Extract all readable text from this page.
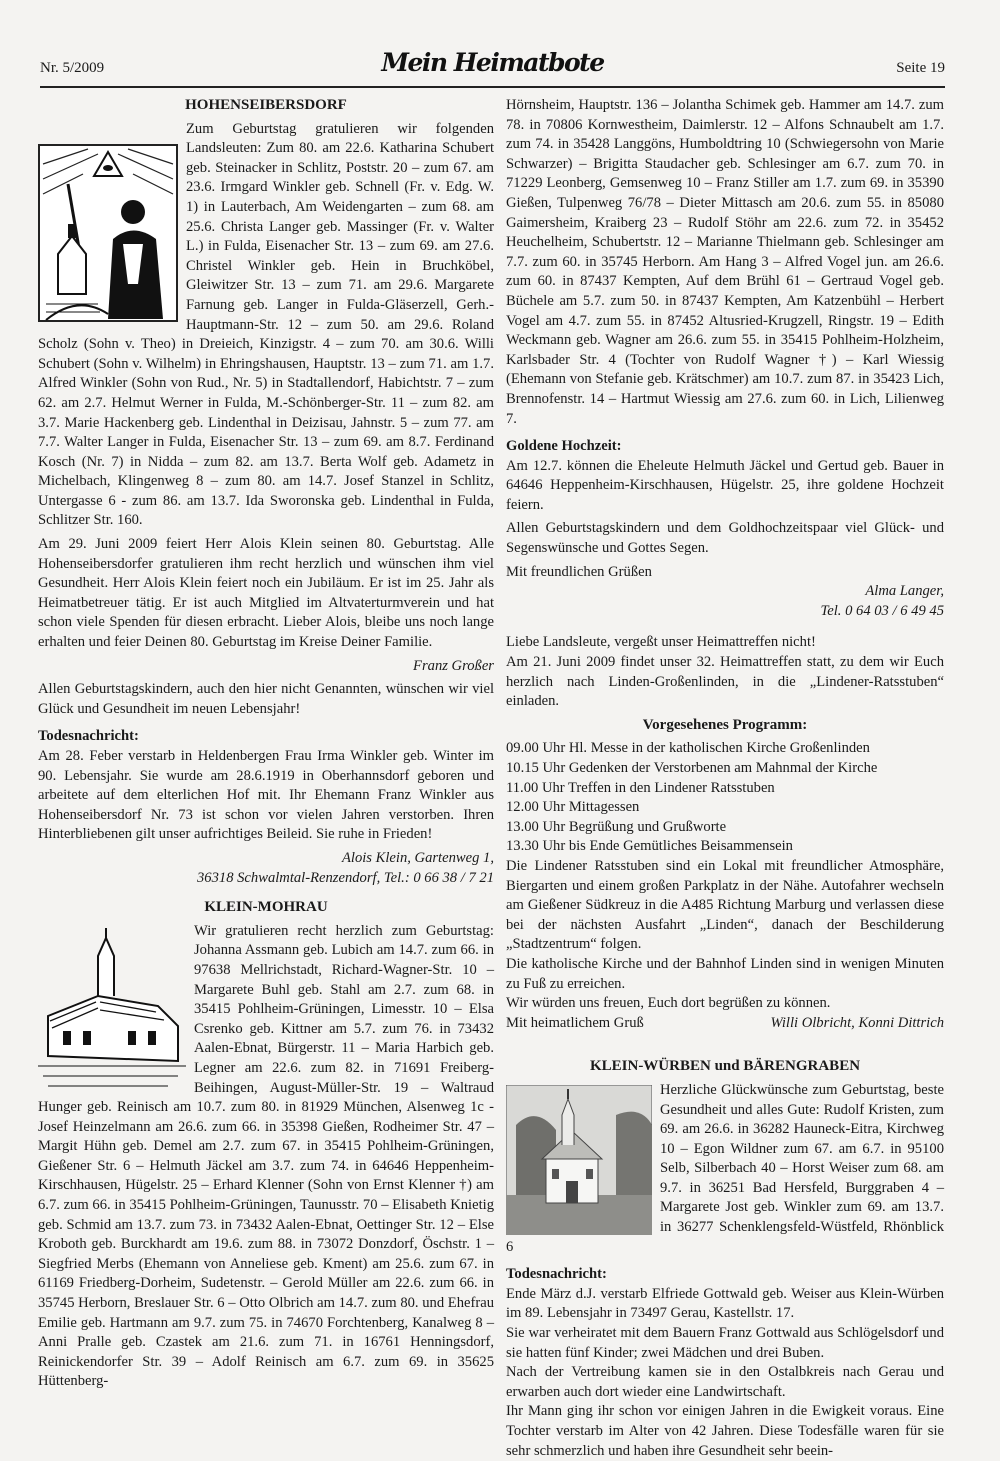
Nr. 5/2009	Mein Heimatbote	Seite 19
HOHENSEIBERSDORF

Zum Geburtstag gratulieren wir folgenden Landsleuten: Zum 80. am 22.6. Katharina Schubert geb. Steinacker in Schlitz, Poststr. 20 – zum 67. am 23.6. Irmgard Winkler geb. Schnell (Fr. v. Edg. W. 1) in Lauterbach, Am Weidengarten – zum 68. am 25.6. Christa Langer geb. Massinger (Fr. v. Walter L.) in Fulda, Eisenacher Str. 13 – zum 69. am 27.6. Christel Winkler geb. Hein in Bruchköbel, Gleiwitzer Str. 13 – zum 71. am 29.6. Margarete Farnung geb. Langer in Fulda-Gläserzell, Gerh.-Hauptmann-Str. 12 – zum 50. am 29.6. Roland Scholz (Sohn v. Theo) in Dreieich, Kinzigstr. 4 – zum 70. am 30.6. Willi Schubert (Sohn v. Wilhelm) in Ehringshausen, Hauptstr. 13 – zum 71. am 1.7. Alfred Winkler (Sohn von Rud., Nr. 5) in Stadtallendorf, Habichtstr. 7 – zum 62. am 2.7. Helmut Werner in Fulda, M.-Schönberger-Str. 11 – zum 82. am 3.7. Marie Hackenberg geb. Lindenthal in Deizisau, Jahnstr. 5 – zum 77. am 7.7. Walter Langer in Fulda, Eisenacher Str. 13 – zum 69. am 8.7. Ferdinand Kosch (Nr. 7) in Nidda – zum 82. am 13.7. Berta Wolf geb. Adametz in Michelbach, Klingenweg 8 – zum 80. am 14.7. Josef Stanzel in Schlitz, Untergasse 6 - zum 86. am 13.7. Ida Sworonska geb. Lindenthal in Fulda, Schlitzer Str. 160.

Am 29. Juni 2009 feiert Herr Alois Klein seinen 80. Geburtstag. Alle Hohenseibersdorfer gratulieren ihm recht herzlich und wünschen ihm viel Gesundheit. Herr Alois Klein feiert noch ein Jubiläum. Er ist im 25. Jahr als Heimatbetreuer tätig. Er ist auch Mitglied im Altvaterturmverein und hat schon viele Spenden für diesen erbracht. Lieber Alois, bleibe uns noch lange erhalten und feier Deinen 80. Geburtstag im Kreise Deiner Familie.

Franz Großer

Allen Geburtstagskindern, auch den hier nicht Genannten, wünschen wir viel Glück und Gesundheit im neuen Lebensjahr!

Todesnachricht:

Am 28. Feber verstarb in Heldenbergen Frau Irma Winkler geb. Winter im 90. Lebensjahr. Sie wurde am 28.6.1919 in Oberhannsdorf geboren und arbeitete auf dem elterlichen Hof mit. Ihr Ehemann Franz Winkler aus Hohenseibersdorf Nr. 73 ist schon vor vielen Jahren verstorben. Ihren Hinterbliebenen gilt unser aufrichtiges Beileid. Sie ruhe in Frieden!

Alois Klein, Gartenweg 1,

36318 Schwalmtal-Renzendorf, Tel.: 0 66 38 / 7 21

KLEIN-MOHRAU

Wir gratulieren recht herzlich zum Geburtstag: Johanna Assmann geb. Lubich am 14.7. zum 66. in 97638 Mellrichstadt, Richard-Wagner-Str. 10 – Margarete Buhl geb. Stahl am 2.7. zum 68. in 35415 Pohlheim-Grüningen, Limesstr. 10 – Elsa Csrenko geb. Kittner am 5.7. zum 76. in 73432 Aalen-Ebnat, Bürgerstr. 11 – Maria Harbich geb. Legner am 22.6. zum 82. in 71691 Freiberg-Beihingen, August-Müller-Str. 19 – Waltraud Hunger geb. Reinisch am 10.7. zum 80. in 81929 München, Alsenweg 1c - Josef Heinzelmann am 26.6. zum 66. in 35398 Gießen, Rodheimer Str. 47 – Margit Hühn geb. Demel am 2.7. zum 67. in 35415 Pohlheim-Grüningen, Gießener Str. 6 – Helmuth Jäckel am 3.7. zum 74. in 64646 Heppenheim-Kirschhausen, Hügelstr. 25 – Erhard Klenner (Sohn von Ernst Klenner †) am 6.7. zum 66. in 35415 Pohlheim-Grüningen, Taunusstr. 70 – Elisabeth Knietig geb. Schmid am 13.7. zum 73. in 73432 Aalen-Ebnat, Oettinger Str. 12 – Else Kroboth geb. Burckhardt am 19.6. zum 88. in 73072 Donzdorf, Öschstr. 1 – Siegfried Merbs (Ehemann von Anneliese geb. Kment) am 25.6. zum 67. in 61169 Friedberg-Dorheim, Sudetenstr. – Gerold Müller am 22.6. zum 66. in 35745 Herborn, Breslauer Str. 6 – Otto Olbrich am 14.7. zum 80. und Ehefrau Emilie geb. Hartmann am 9.7. zum 75. in 74670 Forchtenberg, Kanalweg 8 – Anni Pralle geb. Czastek am 21.6. zum 71. in 16761 Henningsdorf, Reinickendorfer Str. 39 – Adolf Reinisch am 6.7. zum 69. in 35625 Hüttenberg-

Hörnsheim, Hauptstr. 136 – Jolantha Schimek geb. Hammer am 14.7. zum 78. in 70806 Kornwestheim, Daimlerstr. 12 – Alfons Schnaubelt am 1.7. zum 74. in 35428 Langgöns, Humboldtring 10 (Schwiegersohn von Marie Schwarzer) – Brigitta Staudacher geb. Schlesinger am 6.7. zum 70. in 71229 Leonberg, Gemsenweg 10 – Franz Stiller am 1.7. zum 69. in 35390 Gießen, Tulpenweg 76/78 – Dieter Mittasch am 20.6. zum 55. in 85080 Gaimersheim, Kraiberg 23 – Rudolf Stöhr am 22.6. zum 72. in 35452 Heuchelheim, Schubertstr. 12 – Marianne Thielmann geb. Schlesinger am 7.7. zum 60. in 35745 Herborn. Am Hang 3 – Alfred Vogel jun. am 26.6. zum 60. in 87437 Kempten, Auf dem Brühl 61 – Gertraud Vogel geb. Büchele am 5.7. zum 50. in 87437 Kempten, Am Katzenbühl – Herbert Vogel am 4.7. zum 55. in 87452 Altusried-Krugzell, Ringstr. 19 – Edith Weckmann geb. Wagner am 26.6. zum 55. in 35415 Pohlheim-Holzheim, Karlsbader Str. 4 (Tochter von Rudolf Wagner †) – Karl Wiessig (Ehemann von Stefanie geb. Krätschmer) am 10.7. zum 87. in 35423 Lich, Brennofenstr. 14 – Hartmut Wiessig am 27.6. zum 60. in Lich, Lilienweg 7.

Goldene Hochzeit:

Am 12.7. können die Eheleute Helmuth Jäckel und Gertud geb. Bauer in 64646 Heppenheim-Kirschhausen, Hügelstr. 25, ihre goldene Hochzeit feiern.

Allen Geburtstagskindern und dem Goldhochzeitspaar viel Glück- und Segenswünsche und Gottes Segen.

Mit freundlichen Grüßen

Alma Langer,

Tel. 0 64 03 / 6 49 45

Liebe Landsleute, vergeßt unser Heimattreffen nicht!

Am 21. Juni 2009 findet unser 32. Heimattreffen statt, zu dem wir Euch herzlich nach Linden-Großenlinden, in die „Lindener-Ratsstuben“ einladen.

Vorgesehenes Programm:

09.00 Uhr Hl. Messe in der katholischen Kirche Großenlinden

10.15 Uhr Gedenken der Verstorbenen am Mahnmal der Kirche

11.00 Uhr Treffen in den Lindener Ratsstuben

12.00 Uhr Mittagessen

13.00 Uhr Begrüßung und Grußworte

13.30 Uhr bis Ende Gemütliches Beisammensein

Die Lindener Ratsstuben sind ein Lokal mit freundlicher Atmosphäre, Biergarten und einem großen Parkplatz in der Nähe. Autofahrer wechseln am Gießener Südkreuz in die A485 Richtung Marburg und verlassen diese bei der nächsten Ausfahrt „Linden“, danach der Beschilderung „Stadtzentrum“ folgen.

Die katholische Kirche und der Bahnhof Linden sind in wenigen Minuten zu Fuß zu erreichen.

Wir würden uns freuen, Euch dort begrüßen zu können.

Mit heimatlichem Gruß	Willi Olbricht, Konni Dittrich
KLEIN-WÜRBEN und BÄRENGRABEN

Herzliche Glückwünsche zum Geburtstag, beste Gesundheit und alles Gute: Rudolf Kristen, zum 69. am 26.6. in 36282 Hauneck-Eitra, Kirchweg 10 – Egon Wildner zum 67. am 6.7. in 95100 Selb, Silberbach 40 – Horst Weiser zum 68. am 9.7. in 36251 Bad Hersfeld, Burggraben 4 – Margarete Jost geb. Winkler zum 69. am 13.7. in 36277 Schenklengsfeld-Wüstfeld, Rhönblick 6

Todesnachricht:

Ende März d.J. verstarb Elfriede Gottwald geb. Weiser aus Klein-Würben im 89. Lebensjahr in 73497 Gerau, Kastellstr. 17.

Sie war verheiratet mit dem Bauern Franz Gottwald aus Schlögelsdorf und sie hatten fünf Kinder; zwei Mädchen und drei Buben.

Nach der Vertreibung kamen sie in den Ostalbkreis nach Gerau und erwarben auch dort wieder eine Landwirtschaft.

Ihr Mann ging ihr schon vor einigen Jahren in die Ewigkeit voraus. Eine Tochter verstarb im Alter von 42 Jahren. Diese Todesfälle waren für sie sehr schmerzlich und haben ihre Gesundheit sehr beein-
